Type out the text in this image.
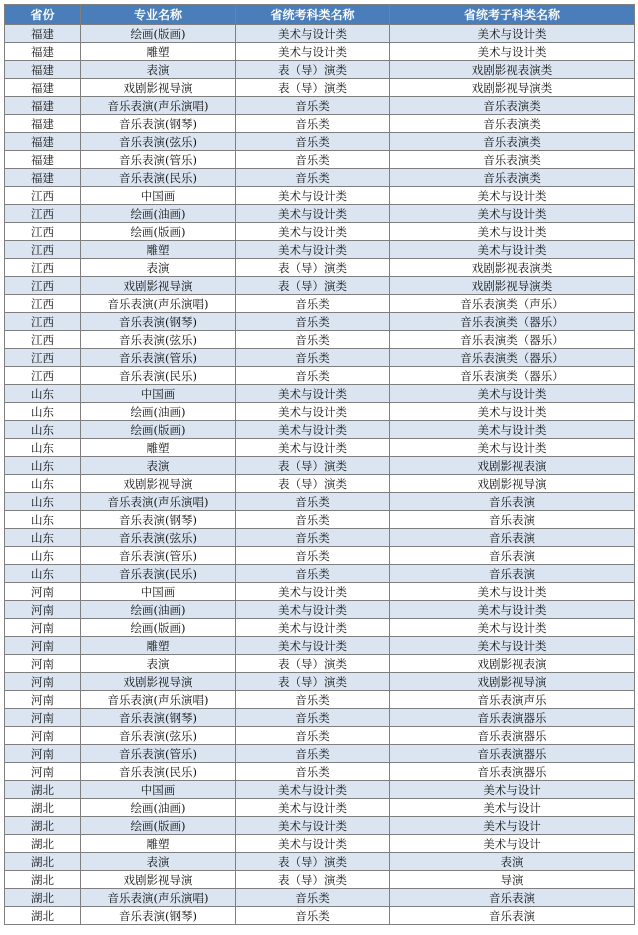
省份	专业名称	省统考科类名称	省统考子科类名称
福建	绘画(版画)	美术与设计类	美术与设计类
福建	雕塑	美术与设计类	美术与设计类
福建	表演	表（导）演类	戏剧影视表演类
福建	戏剧影视导演	表（导）演类	戏剧影视导演类
福建	音乐表演(声乐演唱)	音乐类	音乐表演类
福建	音乐表演(钢琴)	音乐类	音乐表演类
福建	音乐表演(弦乐)	音乐类	音乐表演类
福建	音乐表演(管乐)	音乐类	音乐表演类
福建	音乐表演(民乐)	音乐类	音乐表演类
江西	中国画	美术与设计类	美术与设计类
江西	绘画(油画)	美术与设计类	美术与设计类
江西	绘画(版画)	美术与设计类	美术与设计类
江西	雕塑	美术与设计类	美术与设计类
江西	表演	表（导）演类	戏剧影视表演类
江西	戏剧影视导演	表（导）演类	戏剧影视导演类
江西	音乐表演(声乐演唱)	音乐类	音乐表演类（声乐）
江西	音乐表演(钢琴)	音乐类	音乐表演类（器乐）
江西	音乐表演(弦乐)	音乐类	音乐表演类（器乐）
江西	音乐表演(管乐)	音乐类	音乐表演类（器乐）
江西	音乐表演(民乐)	音乐类	音乐表演类（器乐）
山东	中国画	美术与设计类	美术与设计类
山东	绘画(油画)	美术与设计类	美术与设计类
山东	绘画(版画)	美术与设计类	美术与设计类
山东	雕塑	美术与设计类	美术与设计类
山东	表演	表（导）演类	戏剧影视表演
山东	戏剧影视导演	表（导）演类	戏剧影视导演
山东	音乐表演(声乐演唱)	音乐类	音乐表演
山东	音乐表演(钢琴)	音乐类	音乐表演
山东	音乐表演(弦乐)	音乐类	音乐表演
山东	音乐表演(管乐)	音乐类	音乐表演
山东	音乐表演(民乐)	音乐类	音乐表演
河南	中国画	美术与设计类	美术与设计类
河南	绘画(油画)	美术与设计类	美术与设计类
河南	绘画(版画)	美术与设计类	美术与设计类
河南	雕塑	美术与设计类	美术与设计类
河南	表演	表（导）演类	戏剧影视表演
河南	戏剧影视导演	表（导）演类	戏剧影视导演
河南	音乐表演(声乐演唱)	音乐类	音乐表演声乐
河南	音乐表演(钢琴)	音乐类	音乐表演器乐
河南	音乐表演(弦乐)	音乐类	音乐表演器乐
河南	音乐表演(管乐)	音乐类	音乐表演器乐
河南	音乐表演(民乐)	音乐类	音乐表演器乐
湖北	中国画	美术与设计类	美术与设计
湖北	绘画(油画)	美术与设计类	美术与设计
湖北	绘画(版画)	美术与设计类	美术与设计
湖北	雕塑	美术与设计类	美术与设计
湖北	表演	表（导）演类	表演
湖北	戏剧影视导演	表（导）演类	导演
湖北	音乐表演(声乐演唱)	音乐类	音乐表演
湖北	音乐表演(钢琴)	音乐类	音乐表演
